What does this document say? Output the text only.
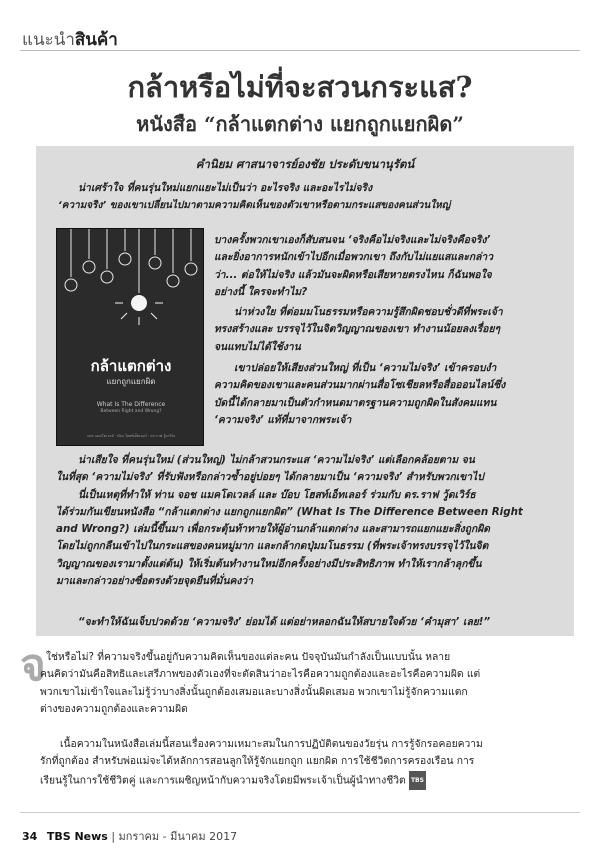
แนะนำสินค้า
กล้าหรือไม่ที่จะสวนกระแส?
หนังสือ “กล้าแตกต่าง แยกถูกแยกผิด”
คำนิยม ศาสนาจารย์องชัย ประดับขนานุรัตน์
น่าเศร้าใจ ที่คนรุ่นใหม่แยกแยะไม่เป็นว่า อะไรจริง และอะไรไม่จริง
‘ความจริง’ ของเขาเปลี่ยนไปมาตามความคิดเห็นของตัวเขาหรือตามกระแสของคนส่วนใหญ่
กล้าแตกต่าง
แยกถูกแยกผิด
What Is The Difference
Between Right and Wrong?
จอช แมคโดเวลล์ · บ๊อบ โฮสท์เอ็ทเลอร์ · ดร.ราฟ วู้ดเวิร์ธ
บางครั้งพวกเขาเองก็สับสนจน ‘จริงคือไม่จริงและไม่จริงคือจริง’
และยิ่งอาการหนักเข้าไปอีกเมื่อพวกเขา ถึงกับไม่แยแสและกล่าว
ว่า... ต่อให้ไม่จริง แล้วมันจะผิดหรือเสียหายตรงไหน ก็ฉันพอใจ
อย่างนี้ ใครจะทำไม?
น่าห่วงใย ที่ต่อมมโนธรรมหรือความรู้สึกผิดชอบชั่วดีที่พระเจ้า
ทรงสร้างและ บรรจุไว้ในจิตวิญญาณของเขา ทำงานน้อยลงเรื่อยๆ
จนแทบไม่ได้ใช้งาน
เขาปล่อยให้เสียงส่วนใหญ่ ที่เป็น ‘ความไม่จริง’ เข้าครอบงำ
ความคิดของเขาและคนส่วนมากผ่านสื่อโซเชียลหรือสื่อออนไลน์ซึ่ง
บัดนี้ได้กลายมาเป็นตัวกำหนดมาตรฐานความถูกผิดในสังคมแทน
‘ความจริง’ แท้ที่มาจากพระเจ้า
น่าเสียใจ ที่คนรุ่นใหม่ (ส่วนใหญ่) ไม่กล้าสวนกระแส ‘ความไม่จริง’ แต่เลือกคล้อยตาม จน
ในที่สุด ‘ความไม่จริง’ ที่รับฟังหรือกล่าวซ้ำอยู่บ่อยๆ ได้กลายมาเป็น ‘ความจริง’ สำหรับพวกเขาไป
นี่เป็นเหตุที่ทำให้ ท่าน จอช แมคโดเวลล์ และ บ๊อบ โฮสท์เอ็ทเลอร์ ร่วมกับ ดร.ราฟ วู้ดเวิร์ธ
ได้ร่วมกันเขียนหนังสือ “กล้าแตกต่าง แยกถูกแยกผิด” (What Is The Difference Between Right
and Wrong?) เล่มนี้ขึ้นมา เพื่อกระตุ้นท้าทายให้ผู้อ่านกล้าแตกต่าง และสามารถแยกแยะสิ่งถูกผิด
โดยไม่ถูกกลืนเข้าไปในกระแสของคนหมู่มาก และกล้ากดปุ่มมโนธรรม (ที่พระเจ้าทรงบรรจุไว้ในจิต
วิญญาณของเรามาตั้งแต่ต้น) ให้เริ่มต้นทำงานใหม่อีกครั้งอย่างมีประสิทธิภาพ ทำให้เรากล้าลุกขึ้น
มาและกล่าวอย่างซื่อตรงด้วยจุดยืนที่มั่นคงว่า
“จะทำให้ฉันเจ็บปวดด้วย ‘ความจริง’ ย่อมได้ แต่อย่าหลอกฉันให้สบายใจด้วย ‘คำมุสา’ เลย!”
จ ใช่หรือไม่? ที่ความจริงขึ้นอยู่กับความคิดเห็นของแต่ละคน ปัจจุบันมันกำลังเป็นแบบนั้น หลาย
คนคิดว่ามันคือสิทธิและเสรีภาพของตัวเองที่จะตัดสินว่าอะไรคือความถูกต้องและอะไรคือความผิด แต่
พวกเขาไม่เข้าใจและไม่รู้ว่าบางสิ่งนั้นถูกต้องเสมอและบางสิ่งนั้นผิดเสมอ พวกเขาไม่รู้จักความแตก
ต่างของความถูกต้องและความผิด
เนื้อความในหนังสือเล่มนี้สอนเรื่องความเหมาะสมในการปฏิบัติตนของวัยรุ่น การรู้จักรอคอยความ
รักที่ถูกต้อง สำหรับพ่อแม่จะได้หลักการสอนลูกให้รู้จักแยกถูก แยกผิด การใช้ชีวิตการครองเรือน การ
เรียนรู้ในการใช้ชีวิตคู่ และการเผชิญหน้ากับความจริงโดยมีพระเจ้าเป็นผู้นำทางชีวิต TBS
34 TBS News | มกราคม - มีนาคม 2017
